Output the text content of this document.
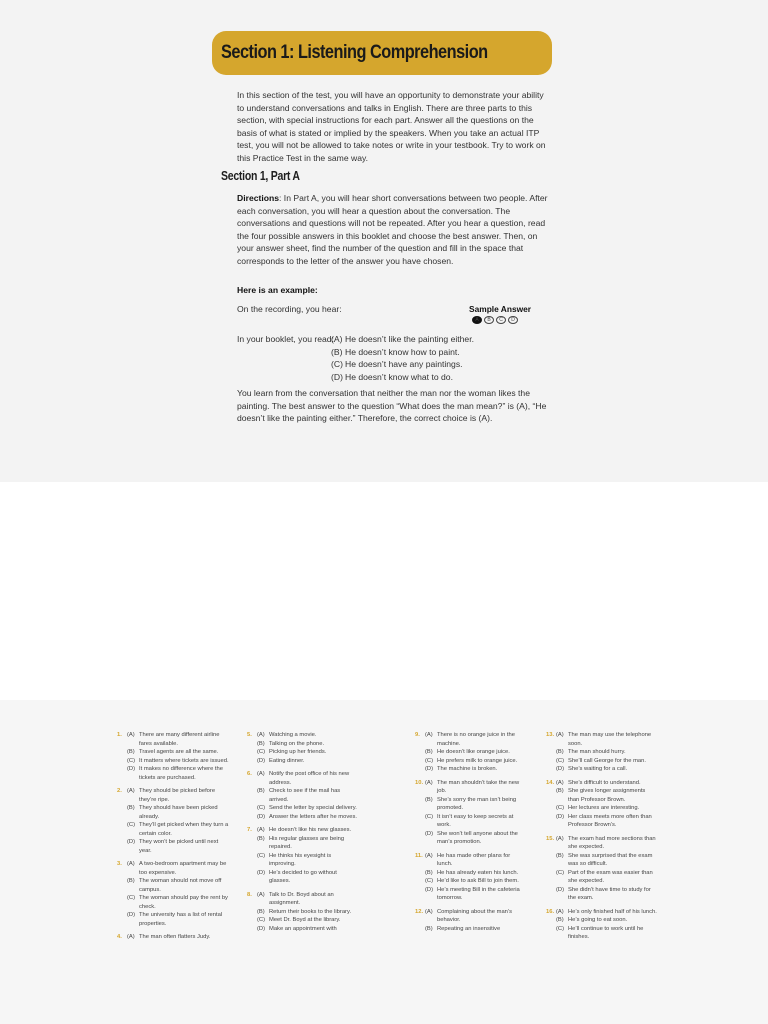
Section 1: Listening Comprehension

In this section of the test, you will have an opportunity to demonstrate your ability to understand conversations and talks in English. There are three parts to this section, with special instructions for each part. Answer all the questions on the basis of what is stated or implied by the speakers. When you take an actual ITP test, you will not be allowed to take notes or write in your testbook. Try to work on this Practice Test in the same way.

Section 1, Part A

Directions: In Part A, you will hear short conversations between two people. After each conversation, you will hear a question about the conversation. The conversations and questions will not be repeated. After you hear a question, read the four possible answers in this booklet and choose the best answer. Then, on your answer sheet, find the number of the question and fill in the space that corresponds to the letter of the answer you have chosen.

Here is an example:
On the recording, you hear:	Sample Answer
A	B	C	D
In your booklet, you read:
(A) He doesn’t like the painting either.
(B) He doesn’t know how to paint.
(C) He doesn’t have any paintings.
(D) He doesn’t know what to do.

You learn from the conversation that neither the man nor the woman likes the painting. The best answer to the question “What does the man mean?” is (A), “He doesn’t like the painting either.” Therefore, the correct choice is (A).

1. (A) There are many different airline fares available.
(B) Travel agents are all the same.
(C) It matters where tickets are issued.
(D) It makes no difference where the tickets are purchased.
2. (A) They should be picked before they’re ripe.
(B) They should have been picked already.
(C) They’ll get picked when they turn a certain color.
(D) They won’t be picked until next year.
3. (A) A two-bedroom apartment may be too expensive.
(B) The woman should not move off campus.
(C) The woman should pay the rent by check.
(D) The university has a list of rental properties.
4. (A) The man often flatters Judy.
5. (A) Watching a movie.
(B) Talking on the phone.
(C) Picking up her friends.
(D) Eating dinner.
6. (A) Notify the post office of his new address.
(B) Check to see if the mail has arrived.
(C) Send the letter by special delivery.
(D) Answer the letters after he moves.
7. (A) He doesn’t like his new glasses.
(B) His regular glasses are being repaired.
(C) He thinks his eyesight is improving.
(D) He’s decided to go without glasses.
8. (A) Talk to Dr. Boyd about an assignment.
(B) Return their books to the library.
(C) Meet Dr. Boyd at the library.
(D) Make an appointment with
9. (A) There is no orange juice in the machine.
(B) He doesn’t like orange juice.
(C) He prefers milk to orange juice.
(D) The machine is broken.
10. (A) The man shouldn’t take the new job.
(B) She’s sorry the man isn’t being promoted.
(C) It isn’t easy to keep secrets at work.
(D) She won’t tell anyone about the man’s promotion.
11. (A) He has made other plans for lunch.
(B) He has already eaten his lunch.
(C) He’d like to ask Bill to join them.
(D) He’s meeting Bill in the cafeteria tomorrow.
12. (A) Complaining about the man’s behavior.
(B) Repeating an insensitive
13. (A) The man may use the telephone soon.
(B) The man should hurry.
(C) She’ll call George for the man.
(D) She’s waiting for a call.
14. (A) She’s difficult to understand.
(B) She gives longer assignments than Professor Brown.
(C) Her lectures are interesting.
(D) Her class meets more often than Professor Brown’s.
15. (A) The exam had more sections than she expected.
(B) She was surprised that the exam was so difficult.
(C) Part of the exam was easier than she expected.
(D) She didn’t have time to study for the exam.
16. (A) He’s only finished half of his lunch.
(B) He’s going to eat soon.
(C) He’ll continue to work until he finishes.
